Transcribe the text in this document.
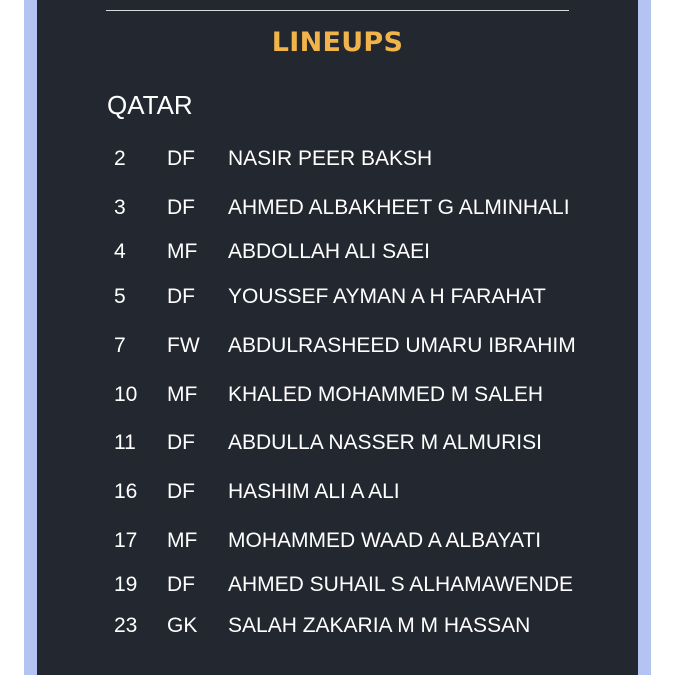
LINEUPS
QATAR
2 DF NASIR PEER BAKSH
3 DF AHMED ALBAKHEET G ALMINHALI
4 MF ABDOLLAH ALI SAEI
5 DF YOUSSEF AYMAN A H FARAHAT
7 FW ABDULRASHEED UMARU IBRAHIM
10 MF KHALED MOHAMMED M SALEH
11 DF ABDULLA NASSER M ALMURISI
16 DF HASHIM ALI A ALI
17 MF MOHAMMED WAAD A ALBAYATI
19 DF AHMED SUHAIL S ALHAMAWENDE
23 GK SALAH ZAKARIA M M HASSAN
